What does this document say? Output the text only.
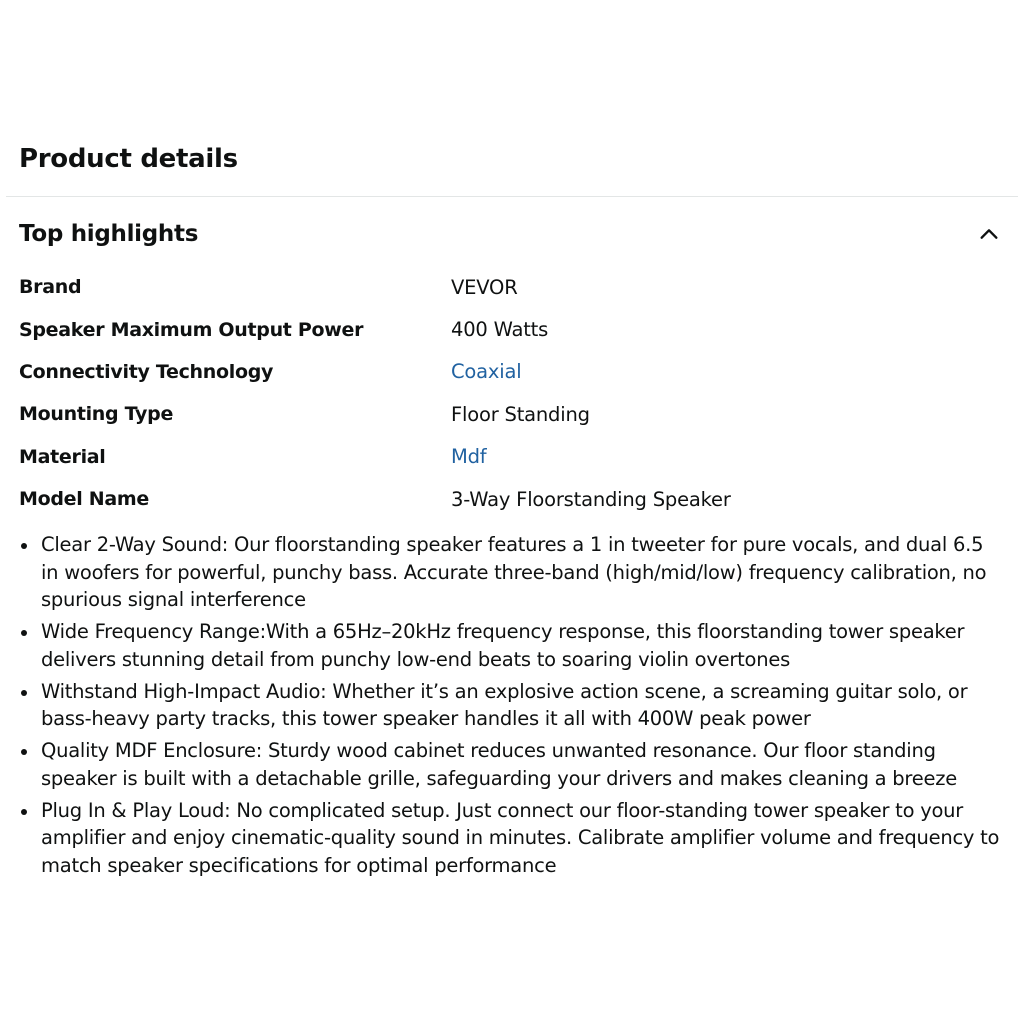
Product details
Top highlights
Brand	VEVOR
Speaker Maximum Output Power	400 Watts
Connectivity Technology	Coaxial
Mounting Type	Floor Standing
Material	Mdf
Model Name	3-Way Floorstanding Speaker
Clear 2-Way Sound: Our floorstanding speaker features a 1 in tweeter for pure vocals, and dual 6.5 in woofers for powerful, punchy bass. Accurate three-band (high/mid/low) frequency calibration, no spurious signal interference
Wide Frequency Range:With a 65Hz–20kHz frequency response, this floorstanding tower speaker delivers stunning detail from punchy low-end beats to soaring violin overtones
Withstand High-Impact Audio: Whether it’s an explosive action scene, a screaming guitar solo, or bass-heavy party tracks, this tower speaker handles it all with 400W peak power
Quality MDF Enclosure: Sturdy wood cabinet reduces unwanted resonance. Our floor standing speaker is built with a detachable grille, safeguarding your drivers and makes cleaning a breeze
Plug In & Play Loud: No complicated setup. Just connect our floor-standing tower speaker to your amplifier and enjoy cinematic-quality sound in minutes. Calibrate amplifier volume and frequency to match speaker specifications for optimal performance
